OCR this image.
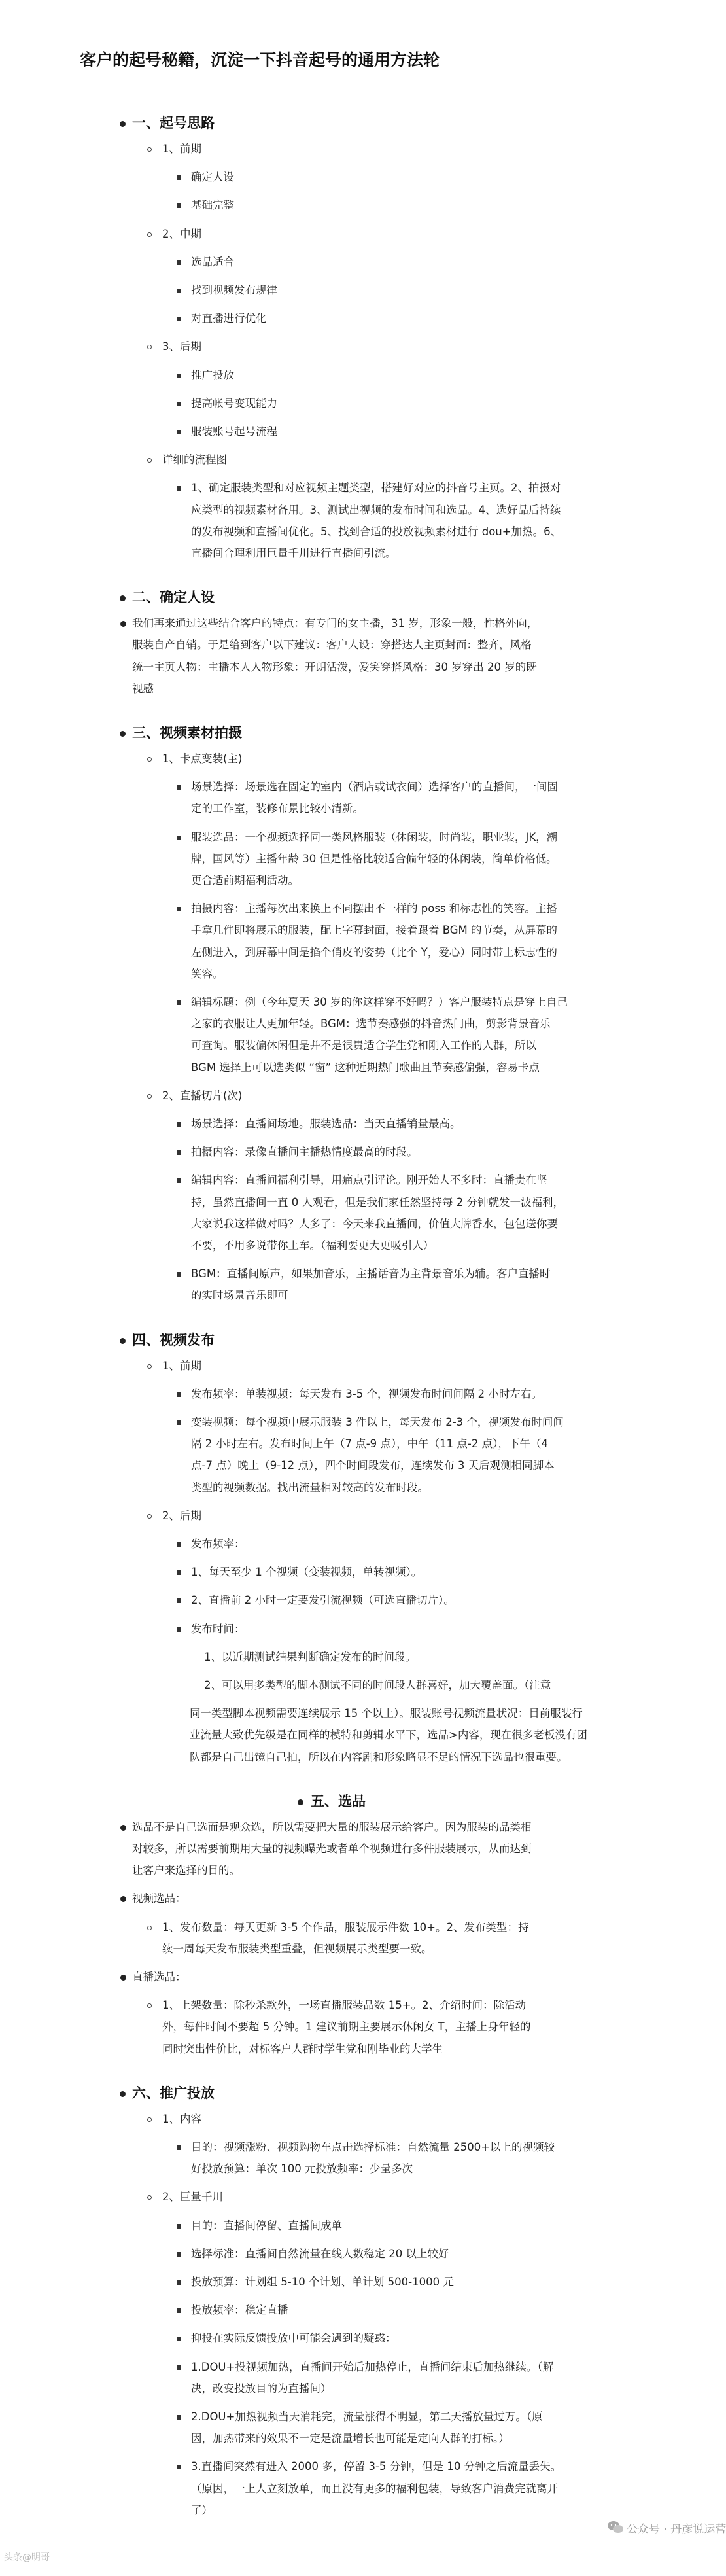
客户的起号秘籍，沉淀一下抖音起号的通用方法轮
一、起号思路
1、前期
确定人设
基础完整
2、中期
选品适合
找到视频发布规律
对直播进行优化
3、后期
推广投放
提高帐号变现能力
服装账号起号流程
详细的流程图
1、确定服装类型和对应视频主题类型，搭建好对应的抖音号主页。2、拍摄对
应类型的视频素材备用。3、测试出视频的发布时间和选品。4、选好品后持续
的发布视频和直播间优化。5、找到合适的投放视频素材进行 dou+加热。6、
直播间合理利用巨量千川进行直播间引流。
二、确定人设
我们再来通过这些结合客户的特点：有专门的女主播，31 岁，形象一般，性格外向，
服装自产自销。于是给到客户以下建议：客户人设：穿搭达人主页封面：整齐，风格
统一主页人物：主播本人人物形象：开朗活泼，爱笑穿搭风格：30 岁穿出 20 岁的既
视感
三、视频素材拍摄
1、卡点变装(主)
场景选择：场景选在固定的室内（酒店或试衣间）选择客户的直播间，一间固
定的工作室，装修布景比较小清新。
服装选品：一个视频选择同一类风格服装（休闲装，时尚装，职业装，JK，潮
牌，国风等）主播年龄 30 但是性格比较适合偏年轻的休闲装，简单价格低。
更合适前期福利活动。
拍摄内容：主播每次出来换上不同摆出不一样的 poss 和标志性的笑容。主播
手拿几件即将展示的服装，配上字幕封面，接着跟着 BGM 的节奏，从屏幕的
左侧进入，到屏幕中间是掐个俏皮的姿势（比个 Y，爱心）同时带上标志性的
笑容。
编辑标题：例（今年夏天 30 岁的你这样穿不好吗？）客户服装特点是穿上自己
之家的衣服让人更加年轻。BGM：选节奏感强的抖音热门曲，剪影背景音乐
可查询。服装偏休闲但是并不是很贵适合学生党和刚入工作的人群，所以
BGM 选择上可以选类似 “窗” 这种近期热门歌曲且节奏感偏强，容易卡点
2、直播切片(次)
场景选择：直播间场地。服装选品：当天直播销量最高。
拍摄内容：录像直播间主播热情度最高的时段。
编辑内容：直播间福利引导，用痛点引评论。刚开始人不多时：直播贵在坚
持，虽然直播间一直 0 人观看，但是我们家任然坚持每 2 分钟就发一波福利，
大家说我这样做对吗？人多了：今天来我直播间，价值大牌香水，包包送你要
不要，不用多说带你上车。（福利要更大更吸引人）
BGM：直播间原声，如果加音乐，主播话音为主背景音乐为辅。客户直播时
的实时场景音乐即可
四、视频发布
1、前期
发布频率：单装视频：每天发布 3-5 个，视频发布时间间隔 2 小时左右。
变装视频：每个视频中展示服装 3 件以上，每天发布 2-3 个，视频发布时间间
隔 2 小时左右。发布时间上午（7 点-9 点），中午（11 点-2 点），下午（4
点-7 点）晚上（9-12 点），四个时间段发布，连续发布 3 天后观测相同脚本
类型的视频数据。找出流量相对较高的发布时段。
2、后期
发布频率：
1、每天至少 1 个视频（变装视频，单转视频）。
2、直播前 2 小时一定要发引流视频（可选直播切片）。
发布时间：
1、以近期测试结果判断确定发布的时间段。
2、可以用多类型的脚本测试不同的时间段人群喜好，加大覆盖面。（注意
同一类型脚本视频需要连续展示 15 个以上）。服装账号视频流量状况：目前服装行
业流量大致优先级是在同样的模特和剪辑水平下，选品>内容，现在很多老板没有团
队都是自己出镜自己拍，所以在内容剧和形象略显不足的情况下选品也很重要。
五、选品
选品不是自己选而是观众选，所以需要把大量的服装展示给客户。因为服装的品类相
对较多，所以需要前期用大量的视频曝光或者单个视频进行多件服装展示，从而达到
让客户来选择的目的。
视频选品：
1、发布数量：每天更新 3-5 个作品，服装展示件数 10+。2、发布类型：持
续一周每天发布服装类型重叠，但视频展示类型要一致。
直播选品：
1、上架数量：除秒杀款外，一场直播服装品数 15+。2、介绍时间：除活动
外，每件时间不要超 5 分钟。1 建议前期主要展示休闲女 T，主播上身年轻的
同时突出性价比，对标客户人群时学生党和刚毕业的大学生
六、推广投放
1、内容
目的：视频涨粉、视频购物车点击选择标准：自然流量 2500+以上的视频较
好投放预算：单次 100 元投放频率：少量多次
2、巨量千川
目的：直播间停留、直播间成单
选择标准：直播间自然流量在线人数稳定 20 以上较好
投放预算：计划组 5-10 个计划、单计划 500-1000 元
投放频率：稳定直播
抑投在实际反馈投放中可能会遇到的疑惑：
1.DOU+投视频加热，直播间开始后加热停止，直播间结束后加热继续。（解
决，改变投放目的为直播间）
2.DOU+加热视频当天消耗完，流量涨得不明显，第二天播放量过万。（原
因，加热带来的效果不一定是流量增长也可能是定向人群的打标。）
3.直播间突然有进入 2000 多，停留 3-5 分钟，但是 10 分钟之后流量丢失。
（原因，一上人立刻放单，而且没有更多的福利包装，导致客户消费完就离开
了）
头条@明哥
公众号 · 丹彦说运营
